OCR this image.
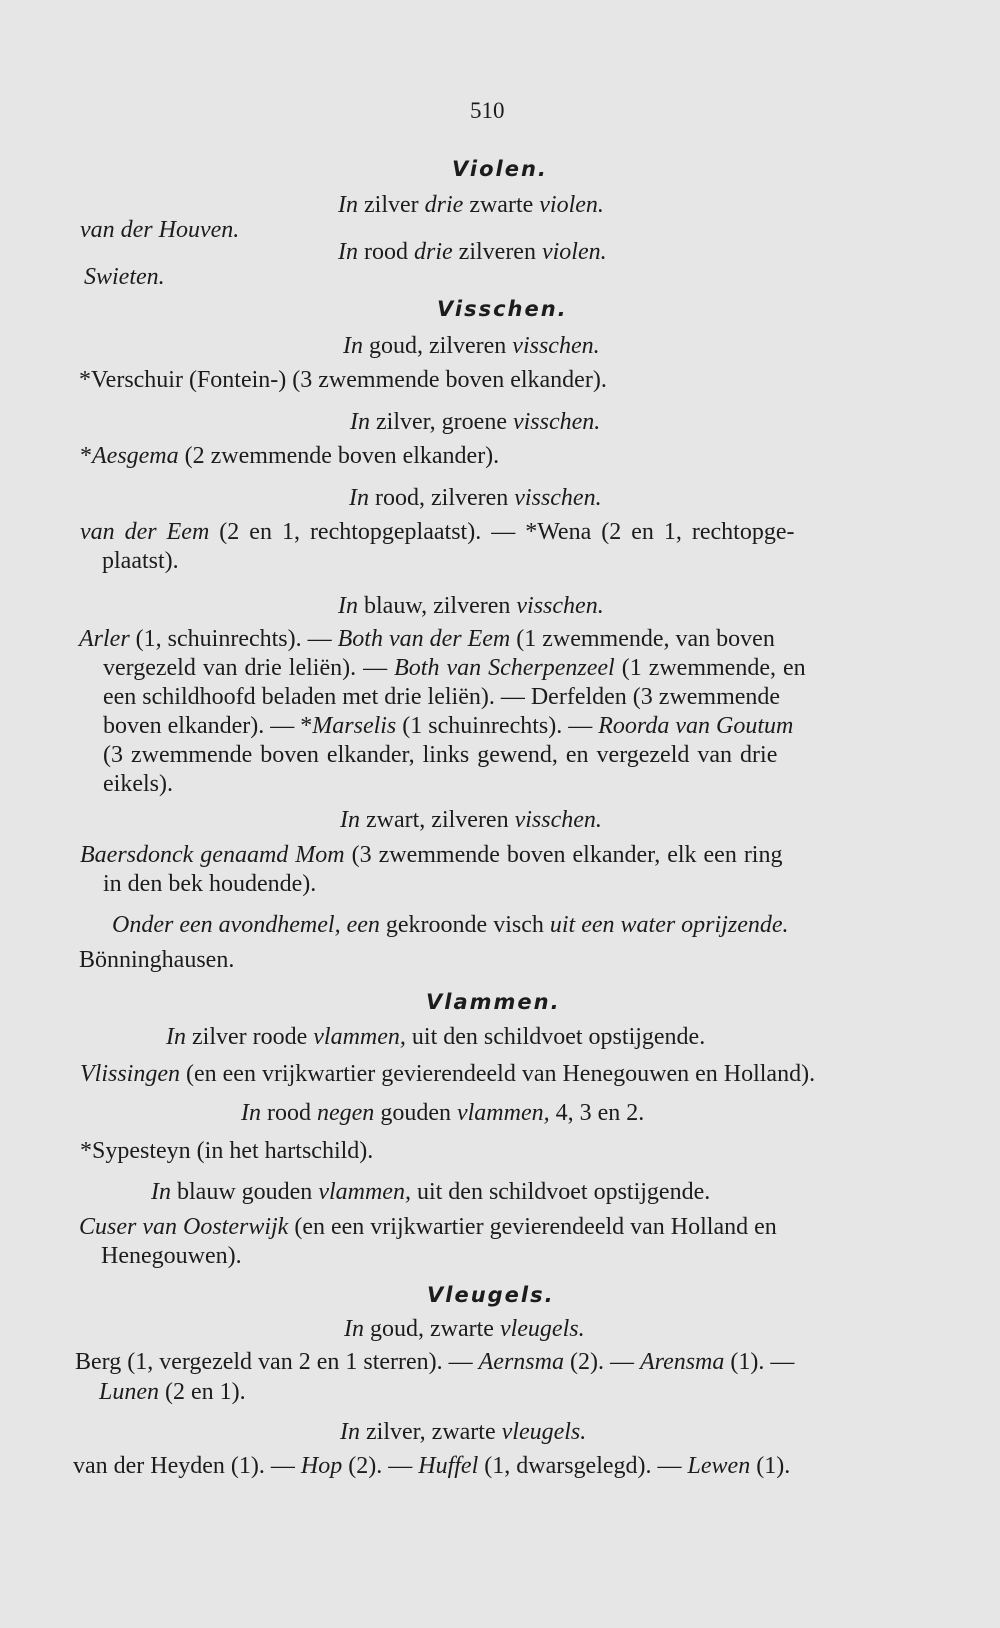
510
Violen.
In zilver drie zwarte violen.
van der Houven.
In rood drie zilveren violen.
Swieten.
Visschen.
In goud, zilveren visschen.
*Verschuir (Fontein-) (3 zwemmende boven elkander).
In zilver, groene visschen.
*Aesgema (2 zwemmende boven elkander).
In rood, zilveren visschen.
van der Eem (2 en 1, rechtopgeplaatst). — *Wena (2 en 1, rechtopge-
plaatst).
In blauw, zilveren visschen.
Arler (1, schuinrechts). — Both van der Eem (1 zwemmende, van boven
vergezeld van drie leliën). — Both van Scherpenzeel (1 zwemmende, en
een schildhoofd beladen met drie leliën). — Derfelden (3 zwemmende
boven elkander). — *Marselis (1 schuinrechts). — Roorda van Goutum
(3 zwemmende boven elkander, links gewend, en vergezeld van drie
eikels).
In zwart, zilveren visschen.
Baersdonck genaamd Mom (3 zwemmende boven elkander, elk een ring
in den bek houdende).
Onder een avondhemel, een gekroonde visch uit een water oprijzende.
Bönninghausen.
Vlammen.
In zilver roode vlammen, uit den schildvoet opstijgende.
Vlissingen (en een vrijkwartier gevierendeeld van Henegouwen en Holland).
In rood negen gouden vlammen, 4, 3 en 2.
*Sypesteyn (in het hartschild).
In blauw gouden vlammen, uit den schildvoet opstijgende.
Cuser van Oosterwijk (en een vrijkwartier gevierendeeld van Holland en
Henegouwen).
Vleugels.
In goud, zwarte vleugels.
Berg (1, vergezeld van 2 en 1 sterren). — Aernsma (2). — Arensma (1). —
Lunen (2 en 1).
In zilver, zwarte vleugels.
van der Heyden (1). — Hop (2). — Huffel (1, dwarsgelegd). — Lewen (1).
